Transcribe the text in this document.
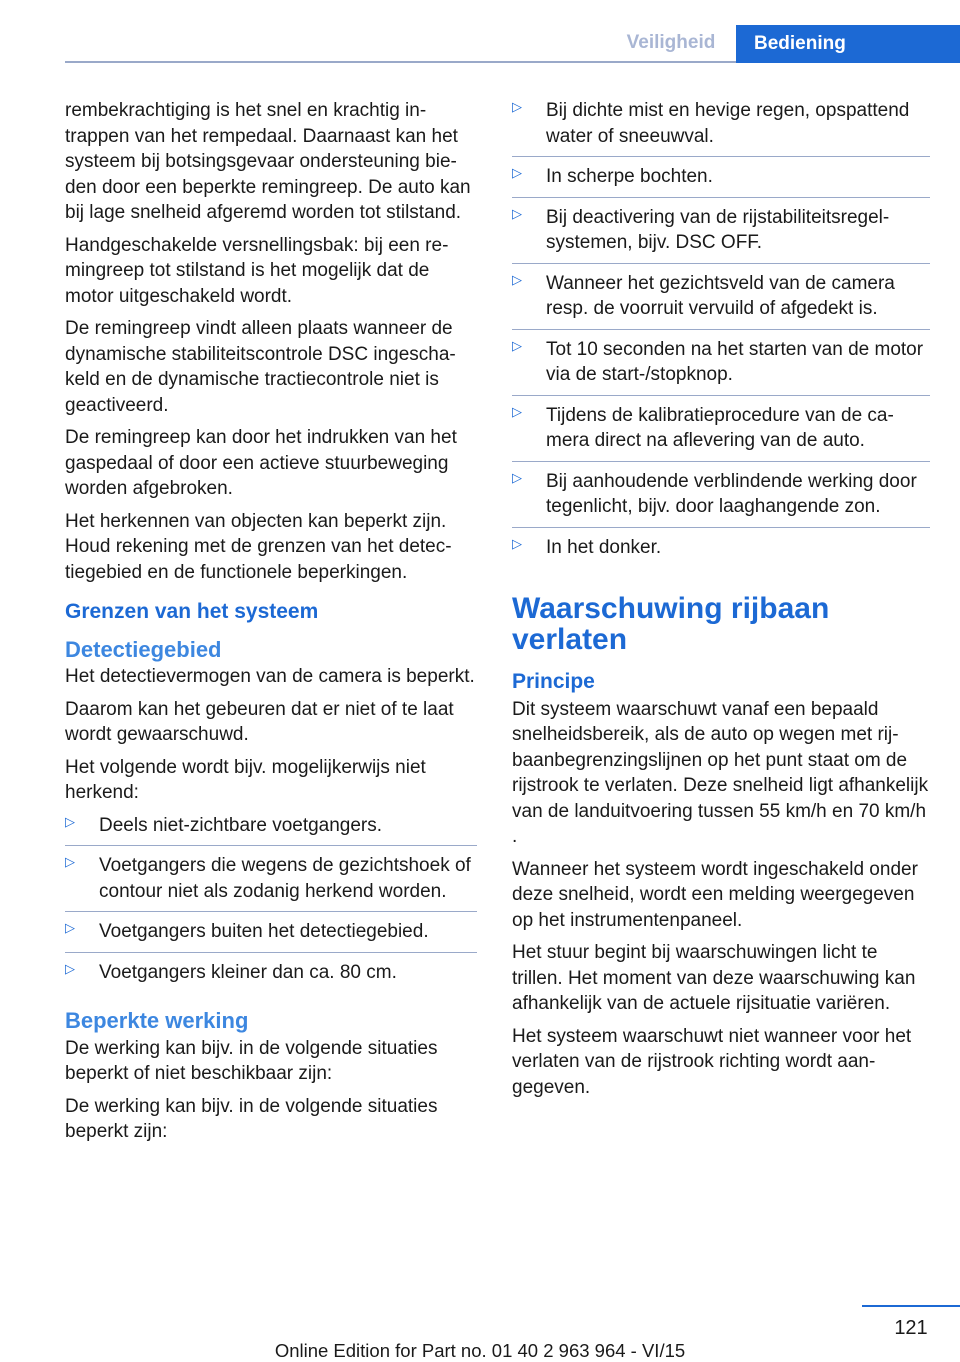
Veiligheid	Bediening

rembekrachtiging is het snel en krachtig intrappen van het rempedaal. Daarnaast kan het systeem bij botsingsgevaar ondersteuning bieden door een beperkte remingreep. De auto kan bij lage snelheid afgeremd worden tot stilstand.

Handgeschakelde versnellingsbak: bij een remingreep tot stilstand is het mogelijk dat de motor uitgeschakeld wordt.

De remingreep vindt alleen plaats wanneer de dynamische stabiliteitscontrole DSC ingeschakeld en de dynamische tractiecontrole niet is geactiveerd.

De remingreep kan door het indrukken van het gaspedaal of door een actieve stuurbeweging worden afgebroken.

Het herkennen van objecten kan beperkt zijn. Houd rekening met de grenzen van het detectiegebied en de functionele beperkingen.

Grenzen van het systeem
Detectiegebied

Het detectievermogen van de camera is beperkt.

Daarom kan het gebeuren dat er niet of te laat wordt gewaarschuwd.

Het volgende wordt bijv. mogelijkerwijs niet herkend:

▷ Deels niet-zichtbare voetgangers.
▷ Voetgangers die wegens de gezichtshoek of contour niet als zodanig herkend worden.
▷ Voetgangers buiten het detectiegebied.
▷ Voetgangers kleiner dan ca. 80 cm.
Beperkte werking

De werking kan bijv. in de volgende situaties beperkt of niet beschikbaar zijn:

De werking kan bijv. in de volgende situaties beperkt zijn:

▷ Bij dichte mist en hevige regen, opspattend water of sneeuwval.
▷ In scherpe bochten.
▷ Bij deactivering van de rijstabiliteitsregelsystemen, bijv. DSC OFF.
▷ Wanneer het gezichtsveld van de camera resp. de voorruit vervuild of afgedekt is.
▷ Tot 10 seconden na het starten van de motor via de start-/stopknop.
▷ Tijdens de kalibratieprocedure van de camera direct na aflevering van de auto.
▷ Bij aanhoudende verblindende werking door tegenlicht, bijv. door laaghangende zon.
▷ In het donker.
Waarschuwing rijbaan verlaten
Principe

Dit systeem waarschuwt vanaf een bepaald snelheidsbereik, als de auto op wegen met rijbaanbegrenzingslijnen op het punt staat om de rijstrook te verlaten. Deze snelheid ligt afhankelijk van de landuitvoering tussen 55 km/h en 70 km/h .

Wanneer het systeem wordt ingeschakeld onder deze snelheid, wordt een melding weergegeven op het instrumentenpaneel.

Het stuur begint bij waarschuwingen licht te trillen. Het moment van deze waarschuwing kan afhankelijk van de actuele rijsituatie variëren.

Het systeem waarschuwt niet wanneer voor het verlaten van de rijstrook richting wordt aangegeven.

121
Online Edition for Part no. 01 40 2 963 964 - VI/15
